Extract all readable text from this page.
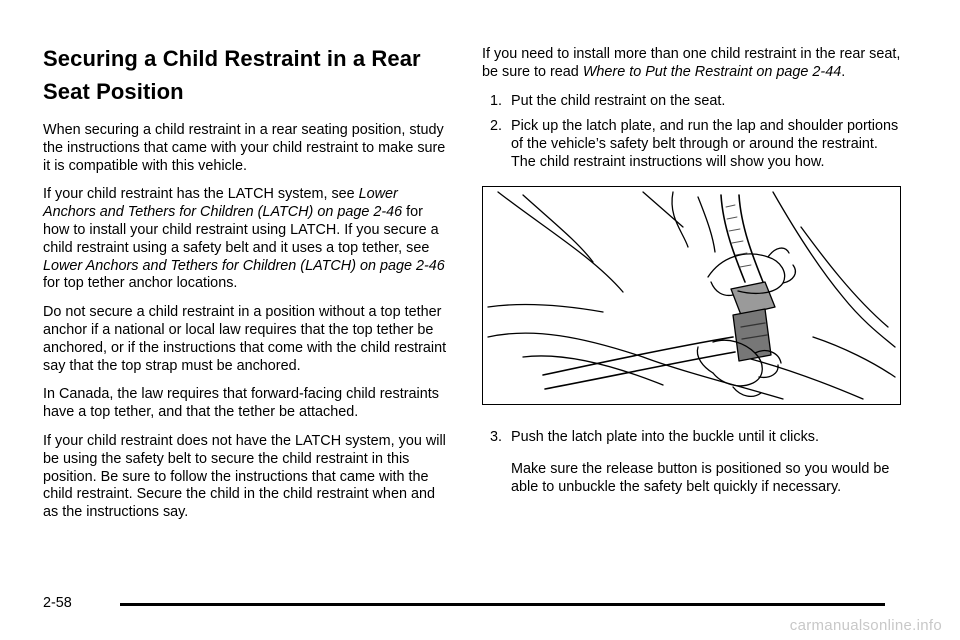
Securing a Child Restraint in a Rear
Seat Position

When securing a child restraint in a rear seating position, study the instructions that came with your child restraint to make sure it is compatible with this vehicle.

If your child restraint has the LATCH system, see Lower Anchors and Tethers for Children (LATCH) on page 2-46 for how to install your child restraint using LATCH. If you secure a child restraint using a safety belt and it uses a top tether, see Lower Anchors and Tethers for Children (LATCH) on page 2-46 for top tether anchor locations.

Do not secure a child restraint in a position without a top tether anchor if a national or local law requires that the top tether be anchored, or if the instructions that come with the child restraint say that the top strap must be anchored.

In Canada, the law requires that forward-facing child restraints have a top tether, and that the tether be attached.

If your child restraint does not have the LATCH system, you will be using the safety belt to secure the child restraint in this position. Be sure to follow the instructions that came with the child restraint. Secure the child in the child restraint when and as the instructions say.

If you need to install more than one child restraint in the rear seat, be sure to read Where to Put the Restraint on page 2-44.

1. Put the child restraint on the seat.
2. Pick up the latch plate, and run the lap and shoulder portions of the vehicle’s safety belt through or around the restraint. The child restraint instructions will show you how.
3. Push the latch plate into the buckle until it clicks.

Make sure the release button is positioned so you would be able to unbuckle the safety belt quickly if necessary.

2-58
carmanualsonline.info
